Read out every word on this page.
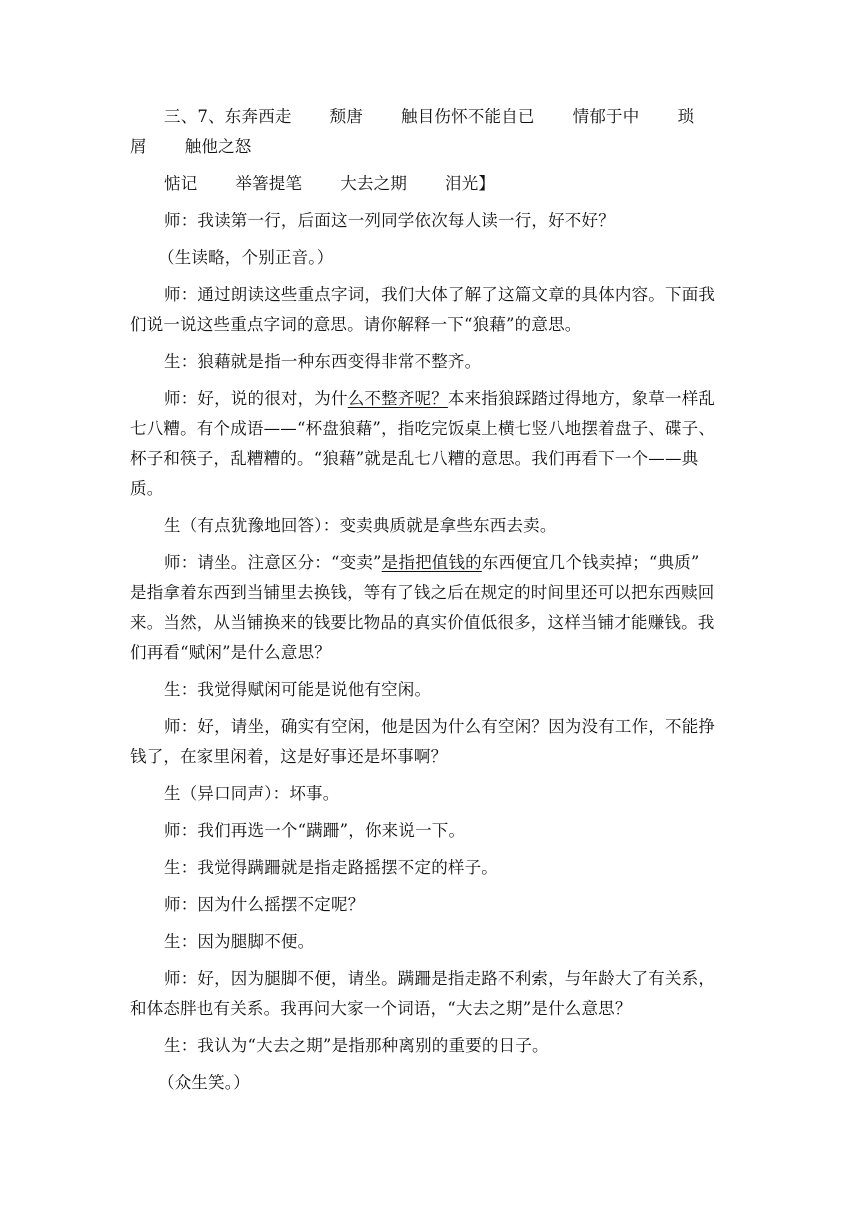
三、7、东奔西走 颓唐 触目伤怀不能自已 情郁于中 琐
屑 触他之怒
惦记 举箸提笔 大去之期 泪光】
师：我读第一行，后面这一列同学依次每人读一行，好不好？
（生读略，个别正音。）
师：通过朗读这些重点字词，我们大体了解了这篇文章的具体内容。下面我
们说一说这些重点字词的意思。请你解释一下“狼藉”的意思。
生：狼藉就是指一种东西变得非常不整齐。
师：好，说的很对，为什么不整齐呢？本来指狼踩踏过得地方，象草一样乱
七八糟。有个成语——“杯盘狼藉”，指吃完饭桌上横七竖八地摆着盘子、碟子、
杯子和筷子，乱糟糟的。“狼藉”就是乱七八糟的意思。我们再看下一个——典
质。
生（有点犹豫地回答）：变卖典质就是拿些东西去卖。
师：请坐。注意区分：“变卖”是指把值钱的东西便宜几个钱卖掉；“典质”
是指拿着东西到当铺里去换钱，等有了钱之后在规定的时间里还可以把东西赎回
来。当然，从当铺换来的钱要比物品的真实价值低很多，这样当铺才能赚钱。我
们再看“赋闲”是什么意思？
生：我觉得赋闲可能是说他有空闲。
师：好，请坐，确实有空闲，他是因为什么有空闲？因为没有工作，不能挣
钱了，在家里闲着，这是好事还是坏事啊？
生（异口同声）：坏事。
师：我们再选一个“蹒跚”，你来说一下。
生：我觉得蹒跚就是指走路摇摆不定的样子。
师：因为什么摇摆不定呢？
生：因为腿脚不便。
师：好，因为腿脚不便，请坐。蹒跚是指走路不利索，与年龄大了有关系，
和体态胖也有关系。我再问大家一个词语，“大去之期”是什么意思？
生：我认为“大去之期”是指那种离别的重要的日子。
（众生笑。）
